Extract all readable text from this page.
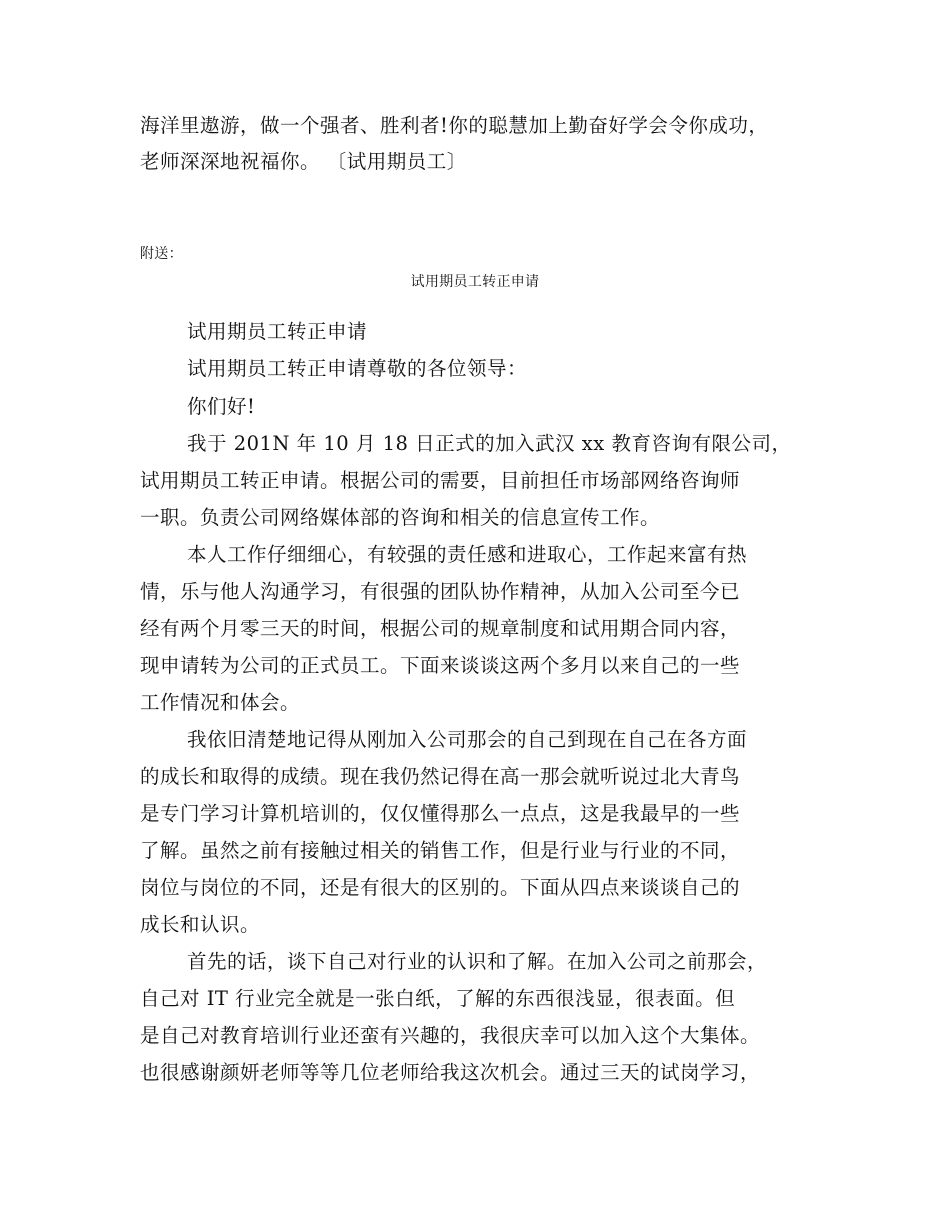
海洋里遨游，做一个强者、胜利者!你的聪慧加上勤奋好学会令你成功，
老师深深地祝福你。 〔试用期员工〕
附送：
试用期员工转正申请
试用期员工转正申请
试用期员工转正申请尊敬的各位领导：
你们好!
我于 201N 年 10 月 18 日正式的加入武汉 xx 教育咨询有限公司，
试用期员工转正申请。根据公司的需要，目前担任市场部网络咨询师
一职。负责公司网络媒体部的咨询和相关的信息宣传工作。
本人工作仔细细心，有较强的责任感和进取心，工作起来富有热
情，乐与他人沟通学习，有很强的团队协作精神，从加入公司至今已
经有两个月零三天的时间，根据公司的规章制度和试用期合同内容，
现申请转为公司的正式员工。下面来谈谈这两个多月以来自己的一些
工作情况和体会。
我依旧清楚地记得从刚加入公司那会的自己到现在自己在各方面
的成长和取得的成绩。现在我仍然记得在高一那会就听说过北大青鸟
是专门学习计算机培训的，仅仅懂得那么一点点，这是我最早的一些
了解。虽然之前有接触过相关的销售工作，但是行业与行业的不同，
岗位与岗位的不同，还是有很大的区别的。下面从四点来谈谈自己的
成长和认识。
首先的话，谈下自己对行业的认识和了解。在加入公司之前那会，
自己对 IT 行业完全就是一张白纸，了解的东西很浅显，很表面。但
是自己对教育培训行业还蛮有兴趣的，我很庆幸可以加入这个大集体。
也很感谢颜妍老师等等几位老师给我这次机会。通过三天的试岗学习，
